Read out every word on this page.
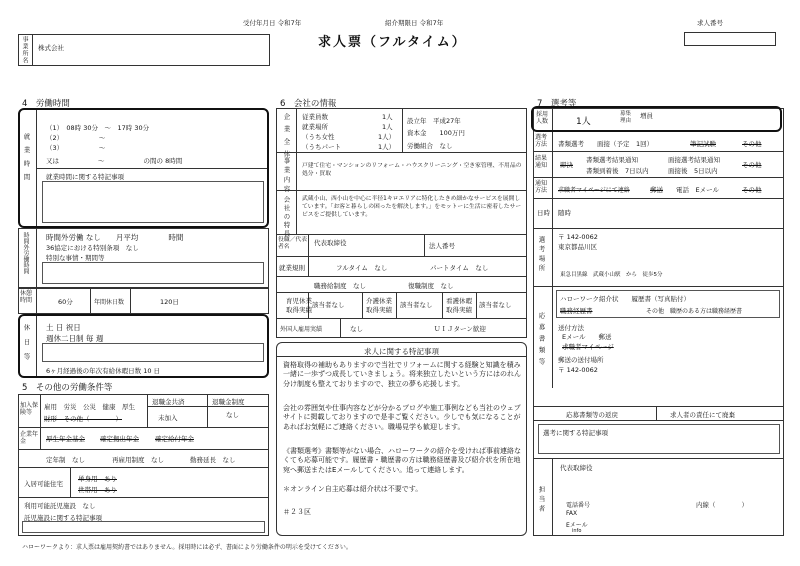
受付年月日 令和7年	紹介期限日 令和7年	求人番号
求人票（フルタイム）
事業所名 株式会社
4　労働時間
就業時間
（1）　08時 30分　～　17時 30分
（2）　　　　　　～
（3）　　　　　　～
又は　　　　　　～　　　　　　の間の 8時間
就業時間に関する特記事項
時間外労働時間 時間外労働 なし　　月平均　　　　時間
36協定における特別条項　なし
特別な事情・期間等
休憩時間	60分	年間休日数	120日
休日等 土 日 祝日
週休二日制 毎 週
6ヶ月経過後の年次有給休暇日数 10 日
5　その他の労働条件等
加入保険等
雇用　労災　公災　健康　厚生
財形　その他（　　　　）
退職金共済
未加入
退職金制度
なし
企業年金	厚生年金基金 確定拠出年金 確定給付年金
定年制　なし	再雇用制度　なし	勤務延長　なし
入居可能住宅
単身用　あり
世帯用　あり
利用可能託児施設　なし
託児施設に関する特記事項
6　会社の情報
企業全体 従業員数	1人
就業場所	1人
（うち女性	1人）
（うちパート	1人）
設立年　平成27年
資本金　　100万円
労働組合　なし
事業内容 戸建て住宅・マンションのリフォーム・ハウスクリーニング・空き家管理、不用品の処分・買取
会社の特長 武蔵小山、西小山を中心に半径1キロエリアに特化したきめ細かなサービスを展開しています。「お客と暮らしの困ったを解決します。」をモットーに生活に密着したサービスをご提供しています。
役職／代表者名	代表取締役	法人番号
就業規則	フルタイム　なし	パートタイム　なし
職務給制度　なし	復職制度　なし
育児休業
取得実績
該当者なし	介護休業
取得実績
該当者なし 看護休暇
取得実績
該当者なし
外国人雇用実績	なし	ＵＩＪターン歓迎
求人に関する特記事項
資格取得の補助もありますので当社でリフォームに関する経験と知識を積み一緒に一歩ずつ成長していきましょう。将来独立したいという方にはのれん分け制度も整えておりますので、独立の夢も応援します。
会社の雰囲気や仕事内容などが分かるブログや施工事例なども当社のウェブサイトに掲載しておりますので是非ご覧ください。少しでも気になることがあればお気軽にご連絡ください。職場見学も歓迎します。
《書類選考》書類等がない場合、ハローワークの紹介を受ければ事前連絡なくても応募可能です。履歴書・職歴書の方は職務経歴書及び紹介状を所在地宛へ郵送またはEメールしてください。追って連絡します。
＊オンライン自主応募は紹介状は不要です。
＃２３区
7　選考等
採用人数	1人
募集理由
増員
選考方法	書類選考　　面接（予定　1回）	筆記試験	その他
結果通知	即決
書類選考結果通知	面接選考結果通知
書類到着後　7日以内	面接後　5日以内
その他
通知方法	求職者マイページにて連絡	郵送 電話　Eメール	その他
日時 随時
選考場所 〒 142-0062
東京都品川区
東急目黒線　武蔵小山駅　から　徒歩5分
応募書類等
ハローワーク紹介状　　履歴書（写真貼付）
職務経歴書	その他　職歴のある方は職務経歴書
送付方法
Eメール　　郵送
求職者マイページ
郵送の送付場所
〒 142-0062
応募書類等の返戻	求人者の責任にて廃棄
選考に関する特記事項
担当者
代表取締役
電話番号	内線（　　　　）
FAX
Eメール
info
ハローワークより：求人票は雇用契約書ではありません。採用時には必ず、書面により労働条件の明示を受けてください。
